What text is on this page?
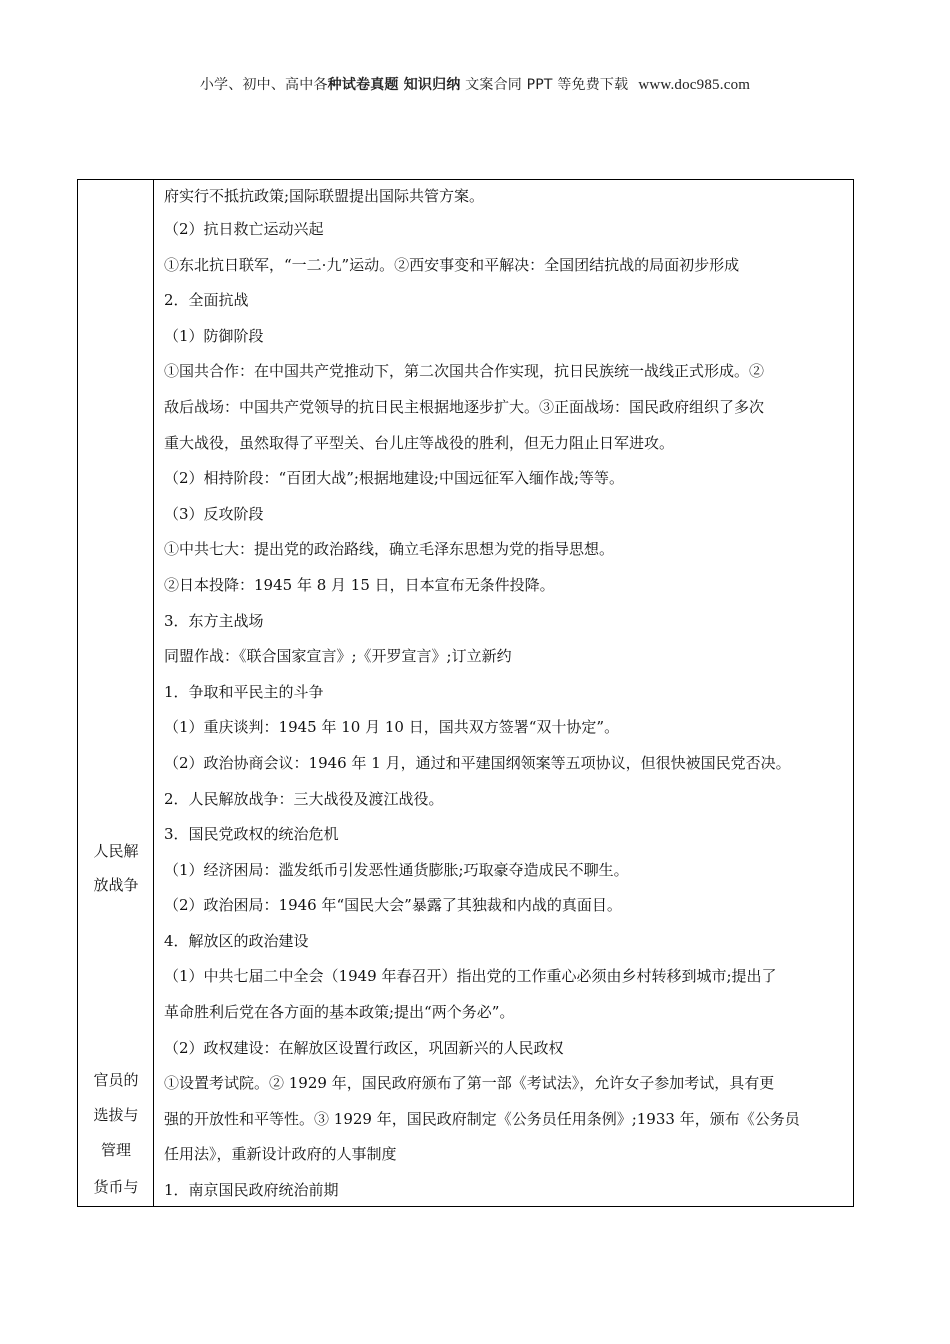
小学、初中、高中各种试卷真题 知识归纳 文案合同 PPT 等免费下载 www.doc985.com
人民解
放战争
官员的
选拔与
管理
货币与
府实行不抵抗政策;国际联盟提出国际共管方案。
（2）抗日救亡运动兴起
①东北抗日联军，“一二·九”运动。②西安事变和平解决：全国团结抗战的局面初步形成
2．全面抗战
（1）防御阶段
①国共合作：在中国共产党推动下，第二次国共合作实现，抗日民族统一战线正式形成。②
敌后战场：中国共产党领导的抗日民主根据地逐步扩大。③正面战场：国民政府组织了多次
重大战役，虽然取得了平型关、台儿庄等战役的胜利，但无力阻止日军进攻。
（2）相持阶段：“百团大战”;根据地建设;中国远征军入缅作战;等等。
（3）反攻阶段
①中共七大：提出党的政治路线，确立毛泽东思想为党的指导思想。
②日本投降：1945 年 8 月 15 日，日本宣布无条件投降。
3．东方主战场
同盟作战：《联合国家宣言》;《开罗宣言》;订立新约
1．争取和平民主的斗争
（1）重庆谈判：1945 年 10 月 10 日，国共双方签署“双十协定”。
（2）政治协商会议：1946 年 1 月，通过和平建国纲领案等五项协议，但很快被国民党否决。
2．人民解放战争：三大战役及渡江战役。
3．国民党政权的统治危机
（1）经济困局：滥发纸币引发恶性通货膨胀;巧取豪夺造成民不聊生。
（2）政治困局：1946 年“国民大会”暴露了其独裁和内战的真面目。
4．解放区的政治建设
（1）中共七届二中全会（1949 年春召开）指出党的工作重心必须由乡村转移到城市;提出了
革命胜利后党在各方面的基本政策;提出“两个务必”。
（2）政权建设：在解放区设置行政区，巩固新兴的人民政权
①设置考试院。② 1929 年，国民政府颁布了第一部《考试法》，允许女子参加考试，具有更
强的开放性和平等性。③ 1929 年，国民政府制定《公务员任用条例》;1933 年，颁布《公务员
任用法》，重新设计政府的人事制度
1．南京国民政府统治前期
